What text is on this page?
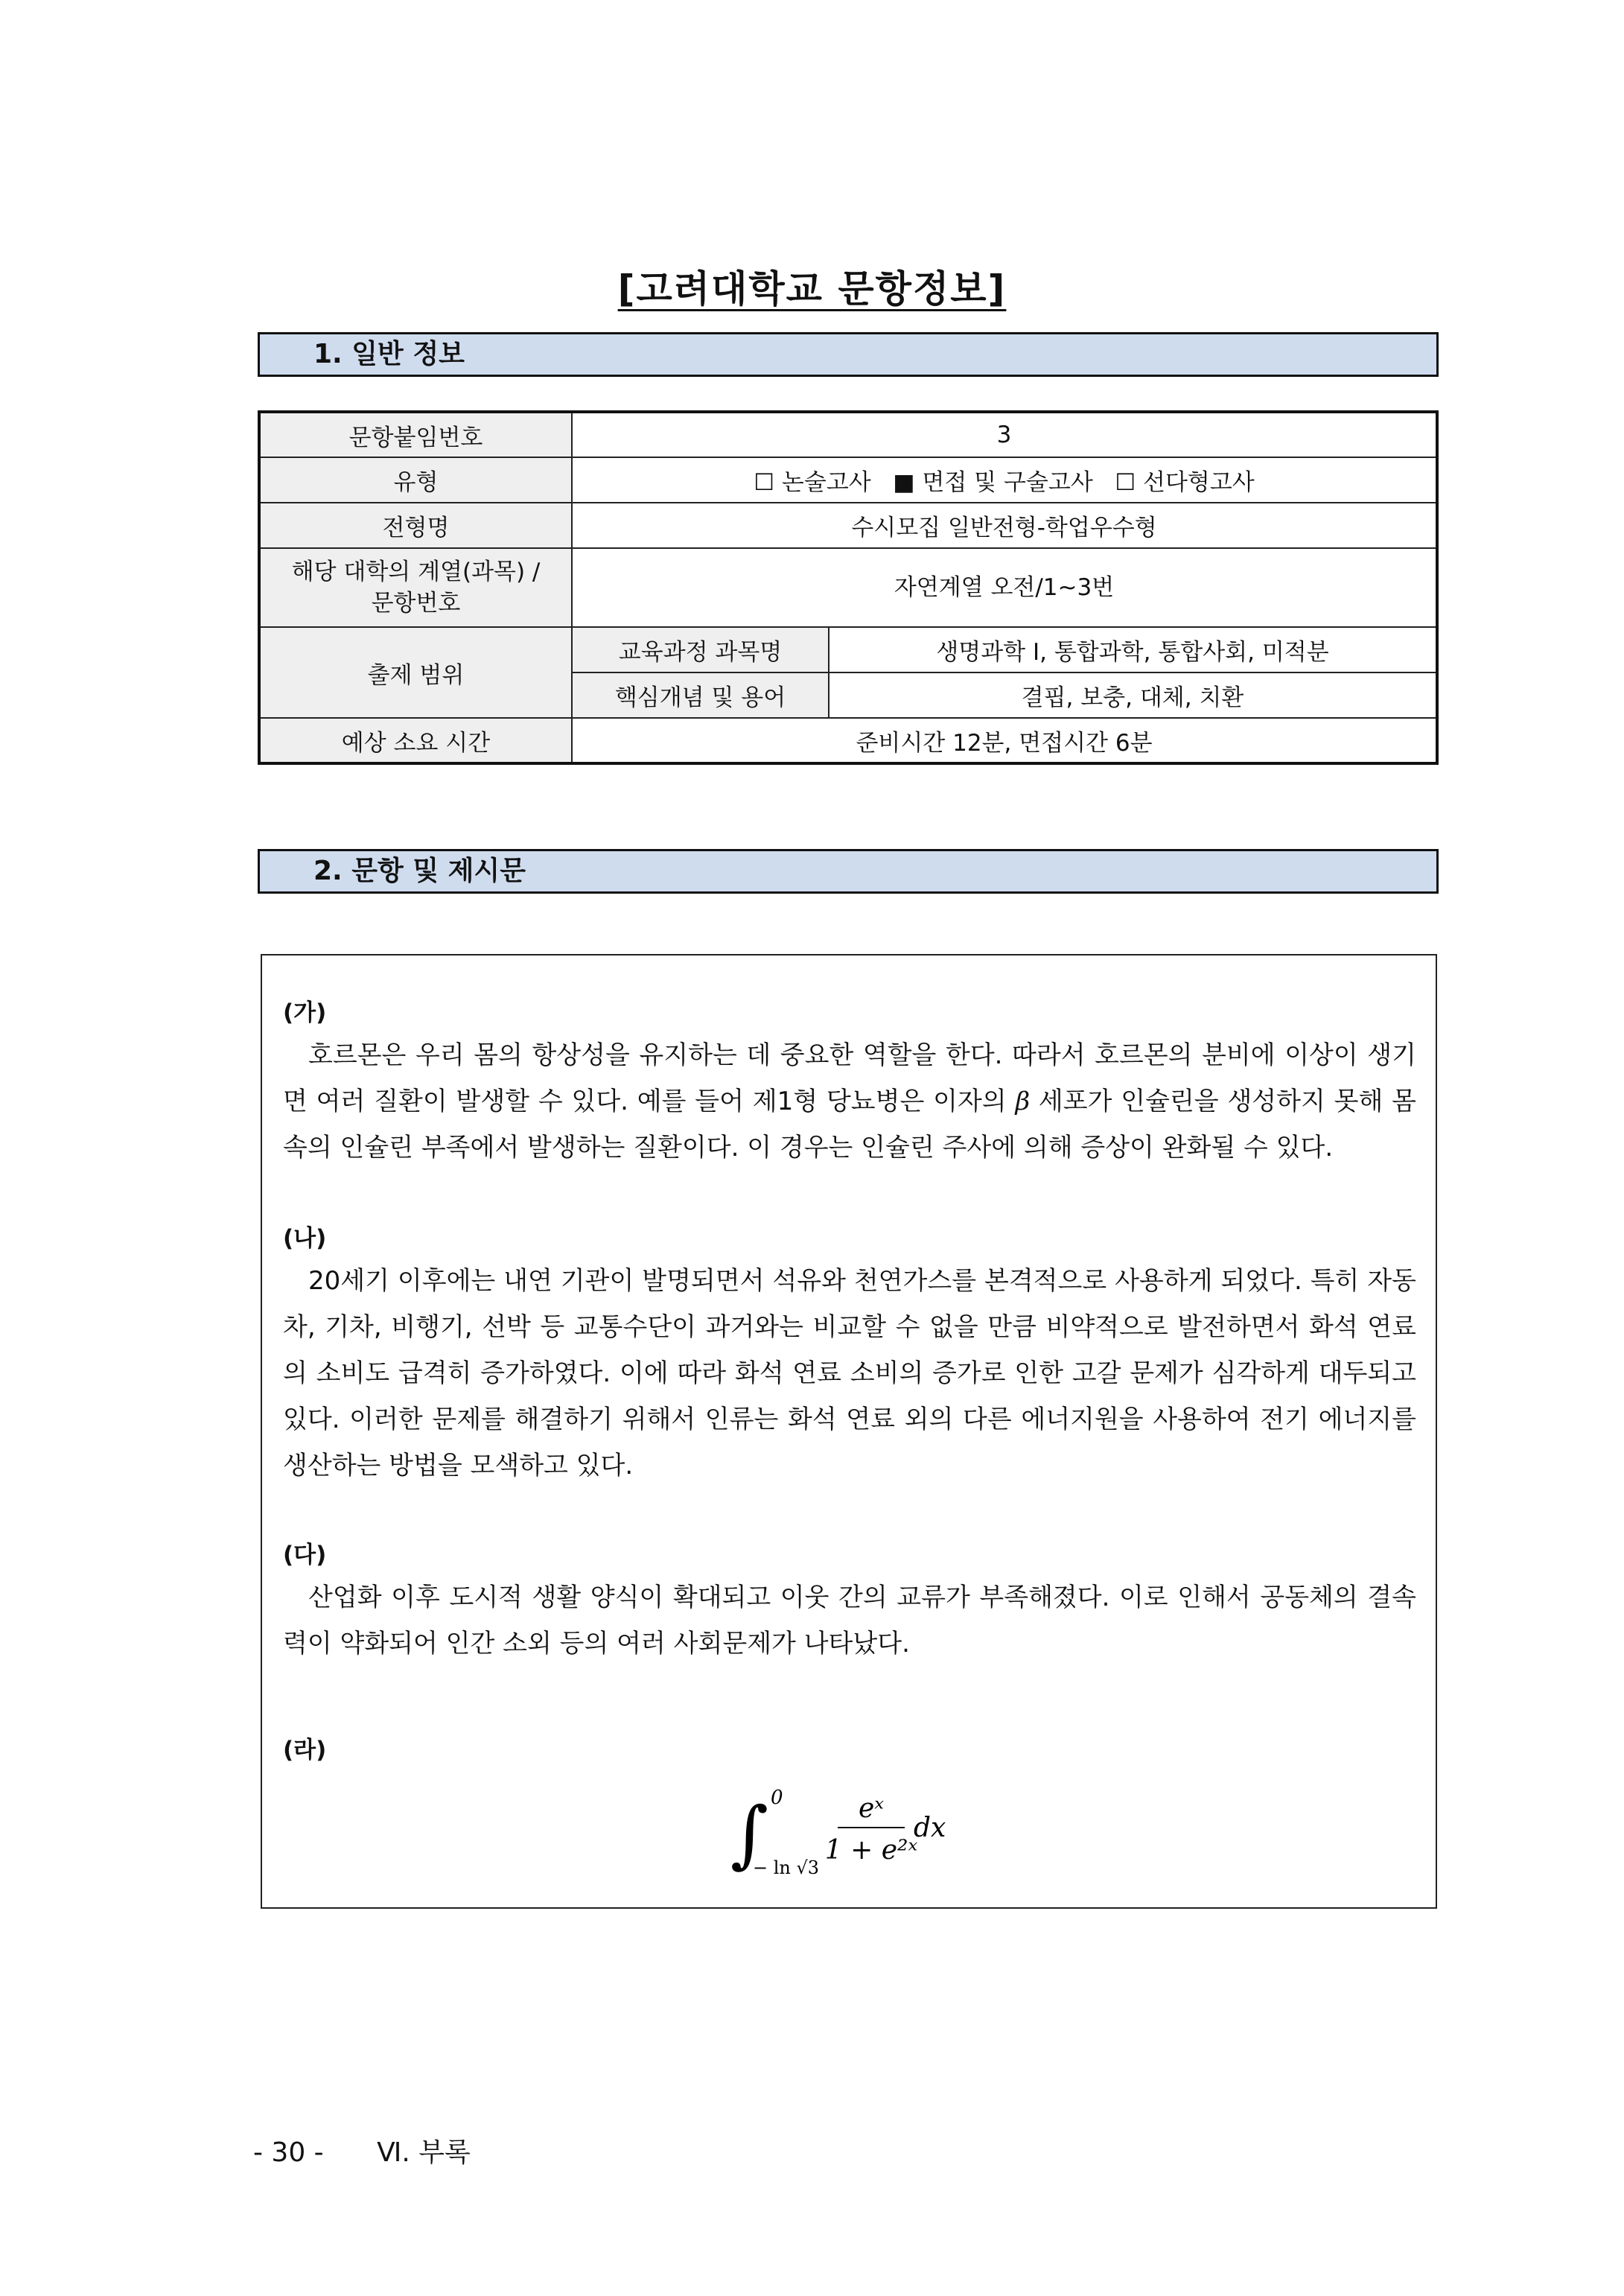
[고려대학교 문항정보]
1. 일반 정보
문항붙임번호	3	
유형	☐ 논술고사 ■ 면접 및 구술고사 ☐ 선다형고사	
전형명	수시모집 일반전형-학업우수형	
해당 대학의 계열(과목) /
문항번호	자연계열 오전/1~3번	
출제 범위	교육과정 과목명	생명과학 I, 통합과학, 통합사회, 미적분
	핵심개념 및 용어	결핍, 보충, 대체, 치환
예상 소요 시간	준비시간 12분, 면접시간 6분	
2. 문항 및 제시문
(가)

호르몬은 우리 몸의 항상성을 유지하는 데 중요한 역할을 한다. 따라서 호르몬의 분비에 이상이 생기면 여러 질환이 발생할 수 있다. 예를 들어 제1형 당뇨병은 이자의 β 세포가 인슐린을 생성하지 못해 몸속의 인슐린 부족에서 발생하는 질환이다. 이 경우는 인슐린 주사에 의해 증상이 완화될 수 있다.

(나)

20세기 이후에는 내연 기관이 발명되면서 석유와 천연가스를 본격적으로 사용하게 되었다. 특히 자동차, 기차, 비행기, 선박 등 교통수단이 과거와는 비교할 수 없을 만큼 비약적으로 발전하면서 화석 연료의 소비도 급격히 증가하였다. 이에 따라 화석 연료 소비의 증가로 인한 고갈 문제가 심각하게 대두되고 있다. 이러한 문제를 해결하기 위해서 인류는 화석 연료 외의 다른 에너지원을 사용하여 전기 에너지를 생산하는 방법을 모색하고 있다.

(다)

산업화 이후 도시적 생활 양식이 확대되고 이웃 간의 교류가 부족해졌다. 이로 인해서 공동체의 결속력이 약화되어 인간 소외 등의 여러 사회문제가 나타났다.

(라)
∫ 0
− ln √3
eˣ
1 + e²ˣ
dx
- 30 - Ⅵ. 부록
